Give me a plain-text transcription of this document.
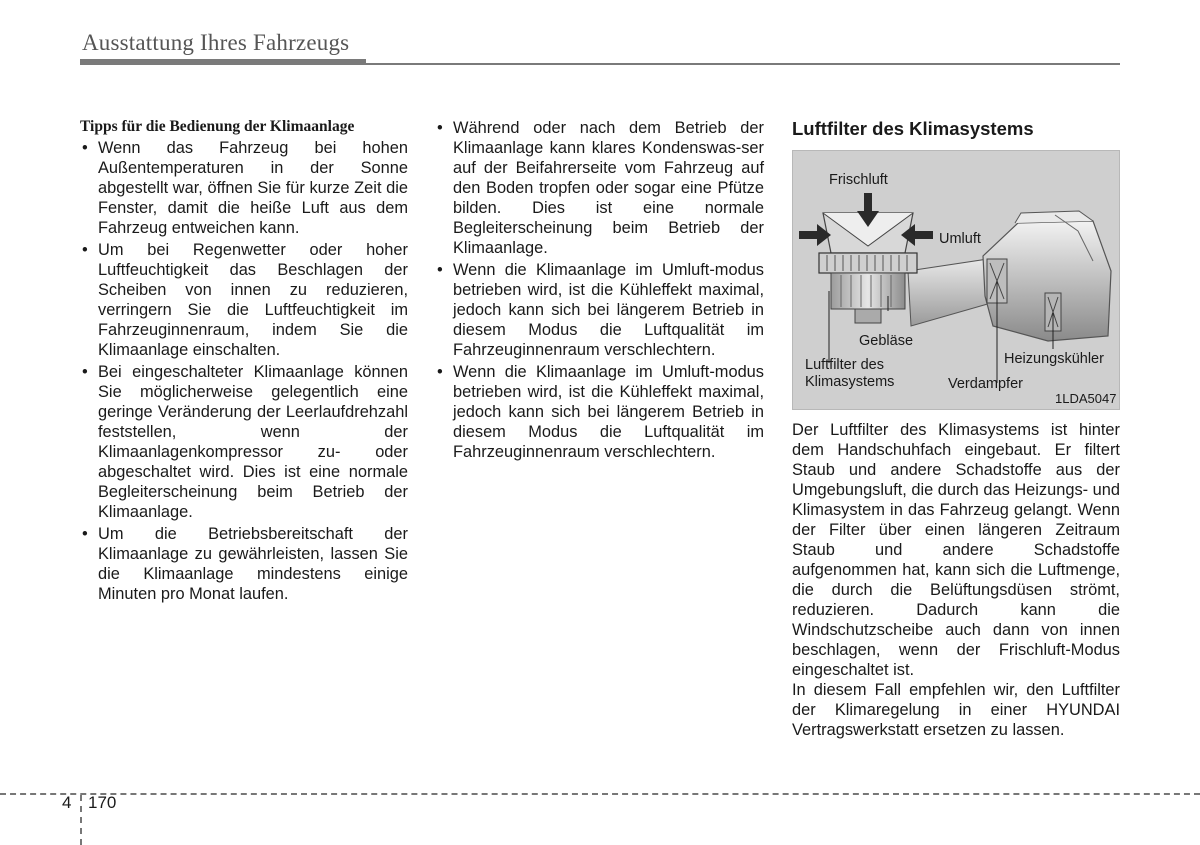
Ausstattung Ihres Fahrzeugs
Tipps für die Bedienung der Klimaanlage
• Wenn das Fahrzeug bei hohen Außentemperaturen in der Sonne abgestellt war, öffnen Sie für kurze Zeit die Fenster, damit die heiße Luft aus dem Fahrzeug entweichen kann.
• Um bei Regenwetter oder hoher Luftfeuchtigkeit das Beschlagen der Scheiben von innen zu reduzieren, verringern Sie die Luftfeuchtigkeit im Fahrzeuginnenraum, indem Sie die Klimaanlage einschalten.
• Bei eingeschalteter Klimaanlage können Sie möglicherweise gelegentlich eine geringe Veränderung der Leerlaufdrehzahl feststellen, wenn der Klimaanlagenkompressor zu- oder abgeschaltet wird. Dies ist eine normale Begleiterscheinung beim Betrieb der Klimaanlage.
• Um die Betriebsbereitschaft der Klimaanlage zu gewährleisten, lassen Sie die Klimaanlage mindestens einige Minuten pro Monat laufen.
• Während oder nach dem Betrieb der Klimaanlage kann klares Kondenswas-ser auf der Beifahrerseite vom Fahrzeug auf den Boden tropfen oder sogar eine Pfütze bilden. Dies ist eine normale Begleiterscheinung beim Betrieb der Klimaanlage.
• Wenn die Klimaanlage im Umluft-modus betrieben wird, ist die Kühleffekt maximal, jedoch kann sich bei längerem Betrieb in diesem Modus die Luftqualität im Fahrzeuginnenraum verschlechtern.
• Wenn die Klimaanlage im Umluft-modus betrieben wird, ist die Kühleffekt maximal, jedoch kann sich bei längerem Betrieb in diesem Modus die Luftqualität im Fahrzeuginnenraum verschlechtern.
Luftfilter des Klimasystems
Frischluft
Umluft
Gebläse
Luftfilter des
Klimasystems
Heizungskühler
Verdampfer
1LDA5047

Der Luftfilter des Klimasystems ist hinter dem Handschuhfach eingebaut. Er filtert Staub und andere Schadstoffe aus der Umgebungsluft, die durch das Heizungs- und Klimasystem in das Fahrzeug gelangt. Wenn der Filter über einen längeren Zeitraum Staub und andere Schadstoffe aufgenommen hat, kann sich die Luftmenge, die durch die Belüftungsdüsen strömt, reduzieren. Dadurch kann die Windschutzscheibe auch dann von innen beschlagen, wenn der Frischluft-Modus eingeschaltet ist.

In diesem Fall empfehlen wir, den Luftfilter der Klimaregelung in einer HYUNDAI Vertragswerkstatt ersetzen zu lassen.

4 170
